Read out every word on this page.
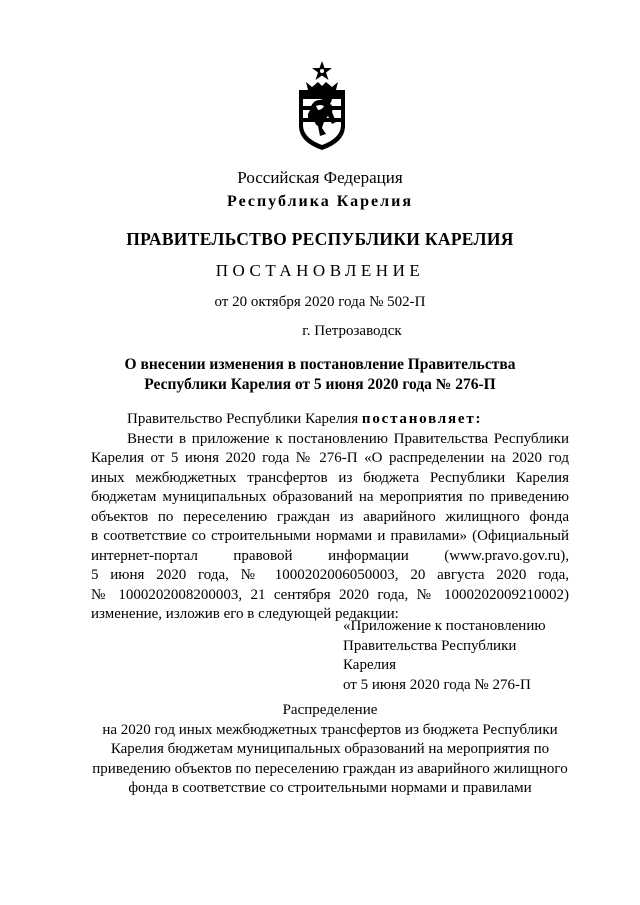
Российская Федерация
Республика Карелия
ПРАВИТЕЛЬСТВО РЕСПУБЛИКИ КАРЕЛИЯ
ПОСТАНОВЛЕНИЕ
от 20 октября 2020 года № 502-П
г. Петрозаводск
О внесении изменения в постановление Правительства
Республики Карелия от 5 июня 2020 года № 276-П

Правительство Республики Карелия постановляет:

Внести в приложение к постановлению Правительства Республики
Карелия от 5 июня 2020 года № 276-П «О распределении на 2020 год
иных межбюджетных трансфертов из бюджета Республики Карелия
бюджетам муниципальных образований на мероприятия по приведению
объектов по переселению граждан из аварийного жилищного фонда
в соответствие со строительными нормами и правилами» (Официальный
интернет-портал правовой информации (www.pravo.gov.ru),
5 июня 2020 года, № 1000202006050003, 20 августа 2020 года,
№ 1000202008200003, 21 сентября 2020 года, № 1000202009210002)
изменение, изложив его в следующей редакции:
«Приложение к постановлению
Правительства Республики
Карелия
от 5 июня 2020 года № 276-П
Распределение
на 2020 год иных межбюджетных трансфертов из бюджета Республики
Карелия бюджетам муниципальных образований на мероприятия по
приведению объектов по переселению граждан из аварийного жилищного
фонда в соответствие со строительными нормами и правилами
